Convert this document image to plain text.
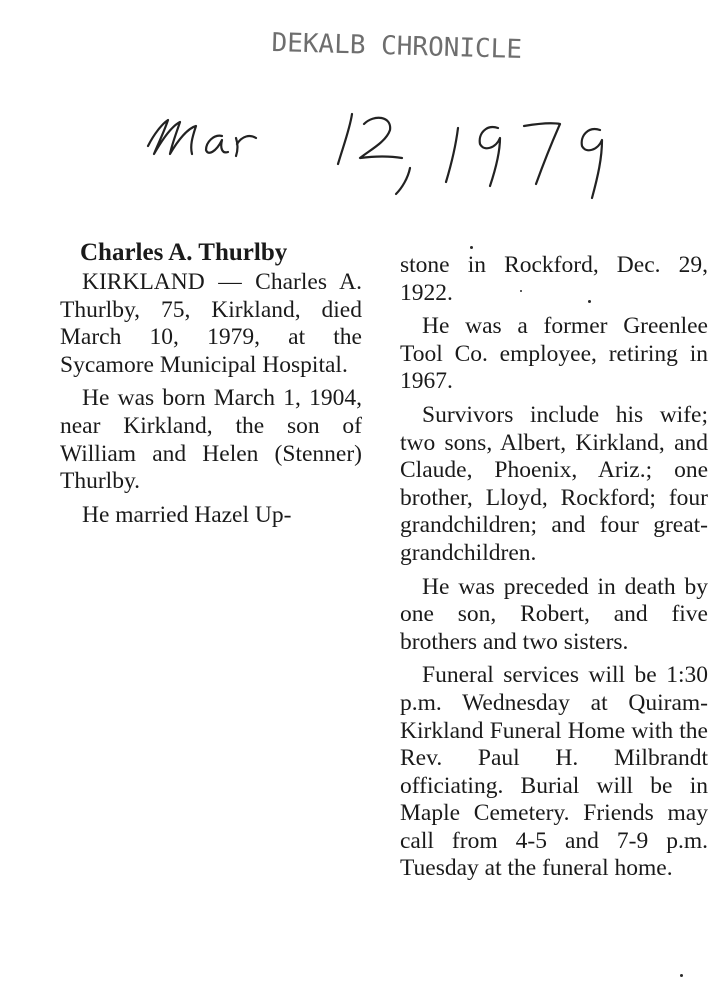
DEKALB CHRONICLE
Charles A. Thurlby

KIRKLAND — Charles A. Thurlby, 75, Kirkland, died March 10, 1979, at the Sycamore Municipal Hospital.

He was born March 1, 1904, near Kirkland, the son of William and Helen (Stenner) Thurlby.

He married Hazel Up-

stone in Rockford, Dec. 29, 1922.

He was a former Greenlee Tool Co. employee, retiring in 1967.

Survivors include his wife; two sons, Albert, Kirkland, and Claude, Phoenix, Ariz.; one brother, Lloyd, Rockford; four grandchildren; and four great-grandchildren.

He was preceded in death by one son, Robert, and five brothers and two sisters.

Funeral services will be 1:30 p.m. Wednesday at Quiram-Kirkland Funeral Home with the Rev. Paul H. Milbrandt officiating. Burial will be in Maple Cemetery. Friends may call from 4-5 and 7-9 p.m. Tuesday at the funeral home.
